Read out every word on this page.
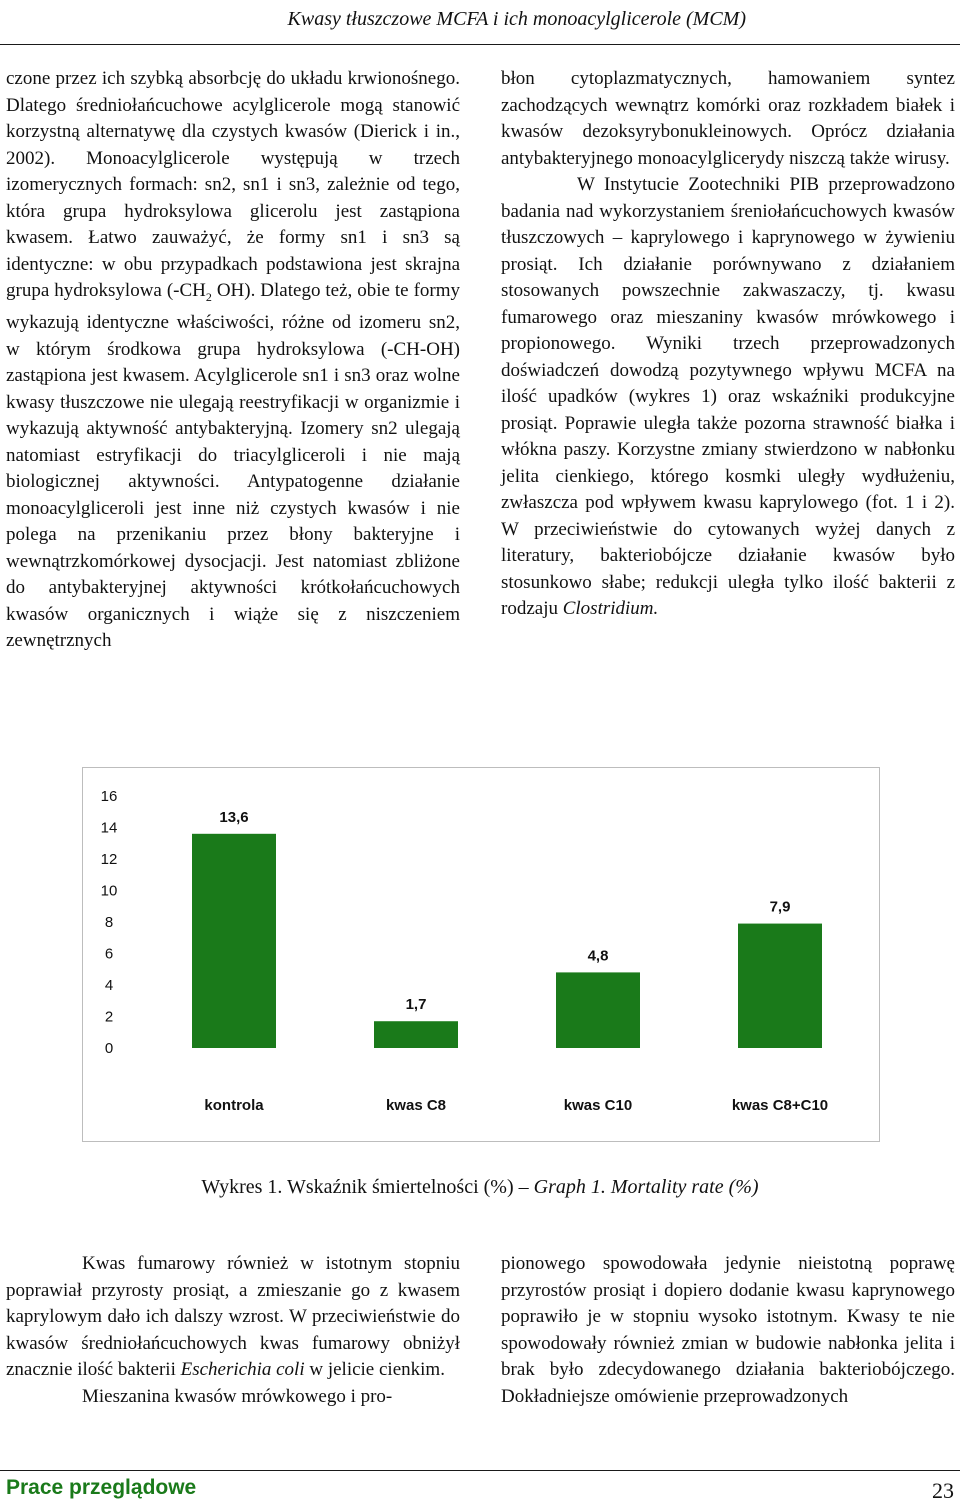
Kwasy tłuszczowe MCFA i ich monoacylglicerole (MCM)

czone przez ich szybką absorbcję do układu krwionośnego. Dlatego średniołańcuchowe acylglicerole mogą stanowić korzystną alternatywę dla czystych kwasów (Dierick i in., 2002). Monoacylglicerole występują w trzech izomerycznych formach: sn2, sn1 i sn3, zależnie od tego, która grupa hydroksylowa glicerolu jest zastąpiona kwasem. Łatwo zauważyć, że formy sn1 i sn3 są identyczne: w obu przypadkach podstawiona jest skrajna grupa hydroksylowa ($-CH_2$ OH). Dlatego też, obie te formy wykazują identyczne właściwości, różne od izomeru sn2, w którym środkowa grupa hydroksylowa (-CH-OH) zastąpiona jest kwasem. Acylglicerole sn1 i sn3 oraz wolne kwasy tłuszczowe nie ulegają reestryfikacji w organizmie i wykazują aktywność antybakteryjną. Izomery sn2 ulegają natomiast estryfikacji do triacylgliceroli i nie mają biologicznej aktywności. Antypatogenne działanie monoacylgliceroli jest inne niż czystych kwasów i nie polega na przenikaniu przez błony bakteryjne i wewnątrzkomórkowej dysocjacji. Jest natomiast zbliżone do antybakteryjnej aktywności krótkołańcuchowych kwasów organicznych i wiąże się z niszczeniem zewnętrznych

błon cytoplazmatycznych, hamowaniem syntez zachodzących wewnątrz komórki oraz rozkładem białek i kwasów dezoksyrybonukleinowych. Oprócz działania antybakteryjnego monoacylglicerydy niszczą także wirusy.

W Instytucie Zootechniki PIB przeprowadzono badania nad wykorzystaniem śreniołańcuchowych kwasów tłuszczowych – kaprylowego i kaprynowego w żywieniu prosiąt. Ich działanie porównywano z działaniem stosowanych powszechnie zakwaszaczy, tj. kwasu fumarowego oraz mieszaniny kwasów mrówkowego i propionowego. Wyniki trzech przeprowadzonych doświadczeń dowodzą pozytywnego wpływu MCFA na ilość upadków (wykres 1) oraz wskaźniki produkcyjne prosiąt. Poprawie uległa także pozorna strawność białka i włókna paszy. Korzystne zmiany stwierdzono w nabłonku jelita cienkiego, którego kosmki uległy wydłużeniu, zwłaszcza pod wpływem kwasu kaprylowego (fot. 1 i 2). W przeciwieństwie do cytowanych wyżej danych z literatury, bakteriobójcze działanie kwasów było stosunkowo słabe; redukcji uległa tylko ilość bakterii z rodzaju Clostridium.

0
2
4
6
8
10
12
14
16
13,6
kontrola
1,7
kwas C8
4,8
kwas C10
7,9
kwas C8+C10
Wykres 1. Wskaźnik śmiertelności (%) – Graph 1. Mortality rate (%)

Kwas fumarowy również w istotnym stopniu poprawiał przyrosty prosiąt, a zmieszanie go z kwasem kaprylowym dało ich dalszy wzrost. W przeciwieństwie do kwasów średniołańcuchowych kwas fumarowy obniżył znacznie ilość bakterii Escherichia coli w jelicie cienkim.

Mieszanina kwasów mrówkowego i pro-

pionowego spowodowała jedynie nieistotną poprawę przyrostów prosiąt i dopiero dodanie kwasu kaprynowego poprawiło je w stopniu wysoko istotnym. Kwasy te nie spowodowały również zmian w budowie nabłonka jelita i brak było zdecydowanego działania bakteriobójczego. Dokładniejsze omówienie przeprowadzonych

Prace przeglądowe	23
